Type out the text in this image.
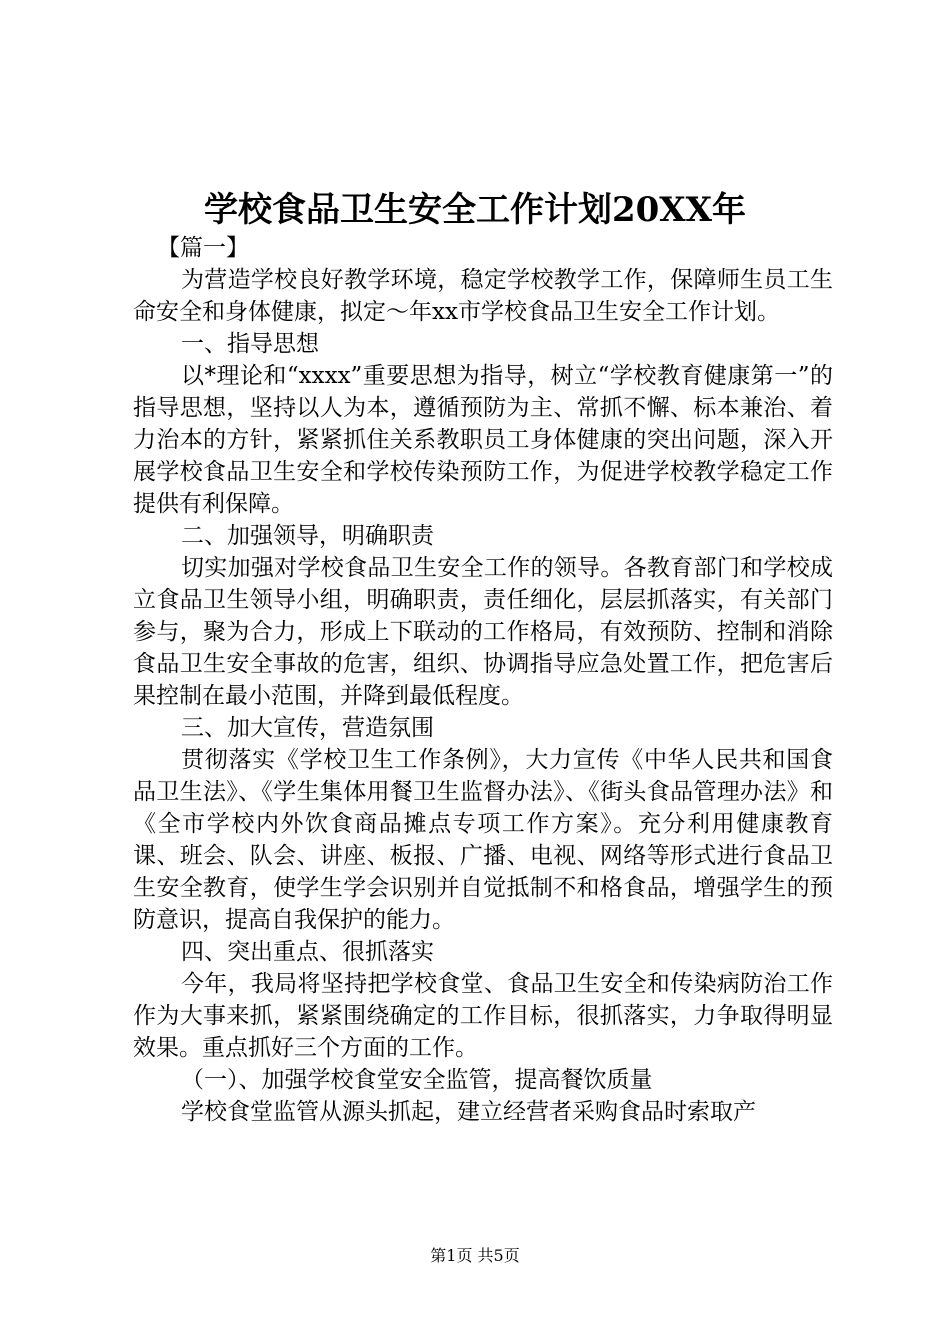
学校食品卫生安全工作计划20XX年

【篇一】

为营造学校良好教学环境，稳定学校教学工作，保障师生员工生命安全和身体健康，拟定～年xx市学校食品卫生安全工作计划。

一、指导思想

以*理论和“xxxx”重要思想为指导，树立“学校教育健康第一”的指导思想，坚持以人为本，遵循预防为主、常抓不懈、标本兼治、着力治本的方针，紧紧抓住关系教职员工身体健康的突出问题，深入开展学校食品卫生安全和学校传染预防工作，为促进学校教学稳定工作提供有利保障。

二、加强领导，明确职责

切实加强对学校食品卫生安全工作的领导。各教育部门和学校成立食品卫生领导小组，明确职责，责任细化，层层抓落实，有关部门参与，聚为合力，形成上下联动的工作格局，有效预防、控制和消除食品卫生安全事故的危害，组织、协调指导应急处置工作，把危害后果控制在最小范围，并降到最低程度。

三、加大宣传，营造氛围

贯彻落实《学校卫生工作条例》，大力宣传《中华人民共和国食品卫生法》、《学生集体用餐卫生监督办法》、《街头食品管理办法》和《全市学校内外饮食商品摊点专项工作方案》。充分利用健康教育课、班会、队会、讲座、板报、广播、电视、网络等形式进行食品卫生安全教育，使学生学会识别并自觉抵制不和格食品，增强学生的预防意识，提高自我保护的能力。

四、突出重点、很抓落实

今年，我局将坚持把学校食堂、食品卫生安全和传染病防治工作作为大事来抓，紧紧围绕确定的工作目标，很抓落实，力争取得明显效果。重点抓好三个方面的工作。

（一）、加强学校食堂安全监管，提高餐饮质量

学校食堂监管从源头抓起，建立经营者采购食品时索取产

第1页 共5页
